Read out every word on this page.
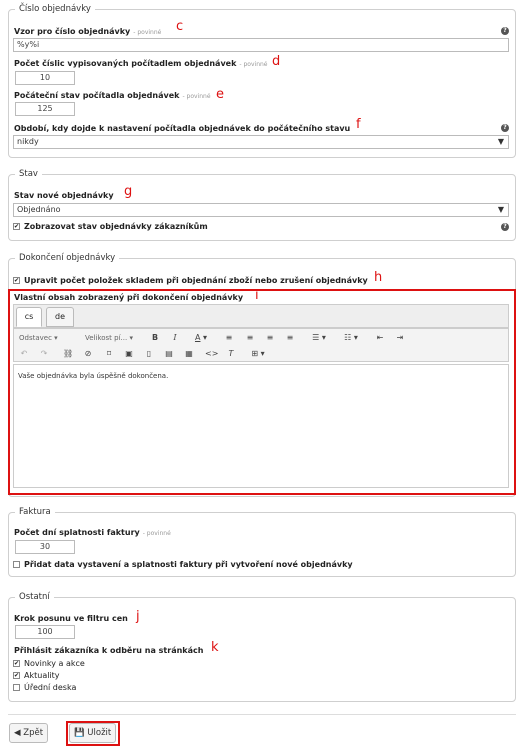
Číslo objednávky
Vzor pro číslo objednávky - povinné c	?
%y%i
Počet číslic vypisovaných počítadlem objednávek - povinné d
10
Počáteční stav počítadla objednávek - povinné e
125
Období, kdy dojde k nastavení počítadla objednávek do počátečního stavu f	?
nikdy	▼
Stav
Stav nové objednávky g
Objednáno	▼
✔ Zobrazovat stav objednávky zákazníkům	?
Dokončení objednávky
✔ Upravit počet položek skladem při objednání zboží nebo zrušení objednávky h
Vlastní obsah zobrazený při dokončení objednávky i
cs	de
Odstavec ▾	Velikost pí... ▾ B	I	A ▾	≡ ≡ ≡ ≡	☰ ▾	☷ ▾	⇤ ⇥
↶ ↷ ⛓ ⊘	⌑	▣	▯	▤ ▦ <>	T	⊞ ▾
Vaše objednávka byla úspěšně dokončena.
Faktura
Počet dní splatnosti faktury - povinné
30
Přidat data vystavení a splatnosti faktury při vytvoření nové objednávky
Ostatní
Krok posunu ve filtru cen j
100
Přihlásit zákazníka k odběru na stránkách k
✔ Novinky a akce
✔ Aktuality
Úřední deska
◀ Zpět	💾 Uložit
